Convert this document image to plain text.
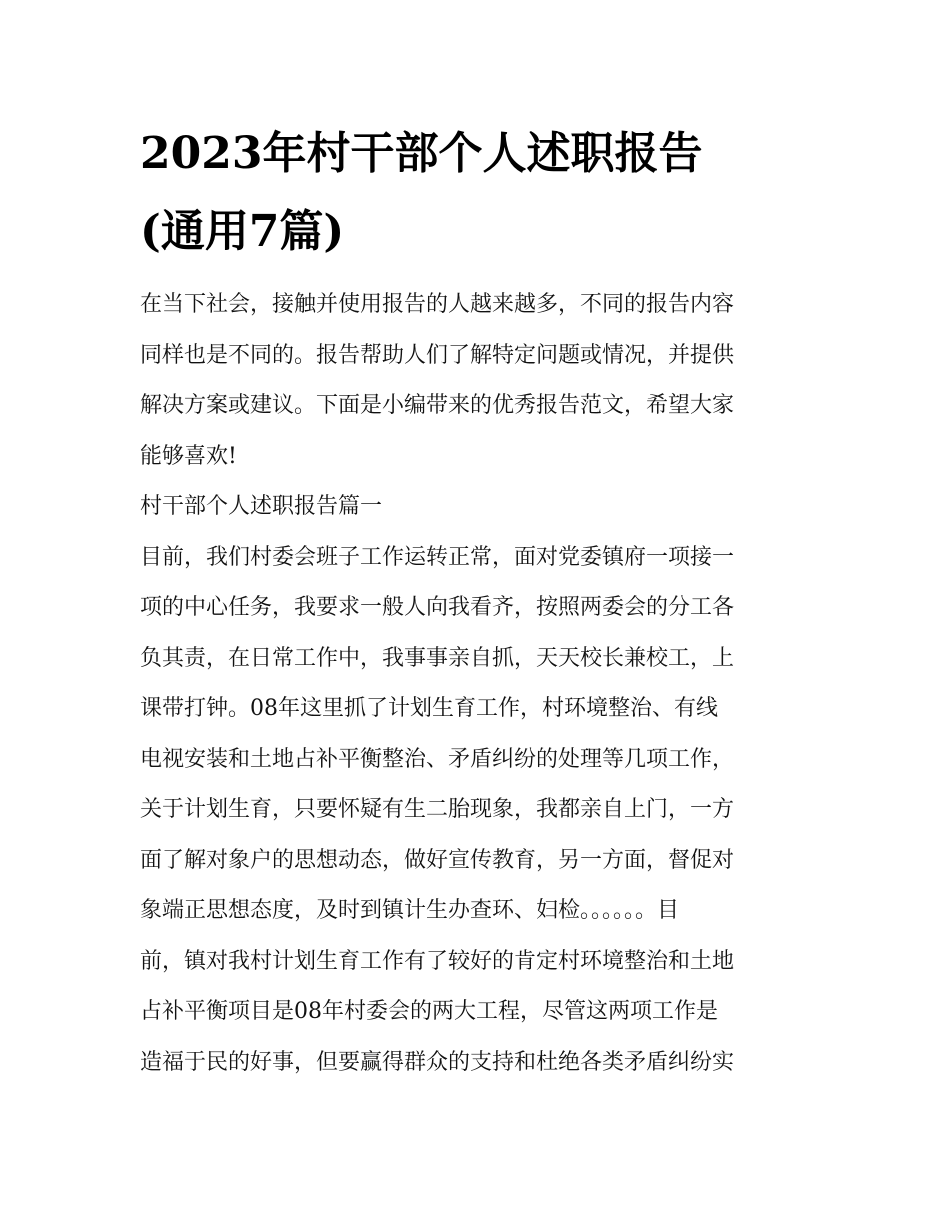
2023年村干部个人述职报告
(通用7篇)
在当下社会，接触并使用报告的人越来越多，不同的报告内容
同样也是不同的。报告帮助人们了解特定问题或情况，并提供
解决方案或建议。下面是小编带来的优秀报告范文，希望大家
能够喜欢!
村干部个人述职报告篇一
目前，我们村委会班子工作运转正常，面对党委镇府一项接一
项的中心任务，我要求一般人向我看齐，按照两委会的分工各
负其责，在日常工作中，我事事亲自抓，天天校长兼校工，上
课带打钟。08年这里抓了计划生育工作，村环境整治、有线
电视安装和土地占补平衡整治、矛盾纠纷的处理等几项工作，
关于计划生育，只要怀疑有生二胎现象，我都亲自上门，一方
面了解对象户的思想动态，做好宣传教育，另一方面，督促对
象端正思想态度，及时到镇计生办查环、妇检。。。。。。目
前，镇对我村计划生育工作有了较好的肯定村环境整治和土地
占补平衡项目是08年村委会的两大工程，尽管这两项工作是
造福于民的好事，但要赢得群众的支持和杜绝各类矛盾纠纷实
